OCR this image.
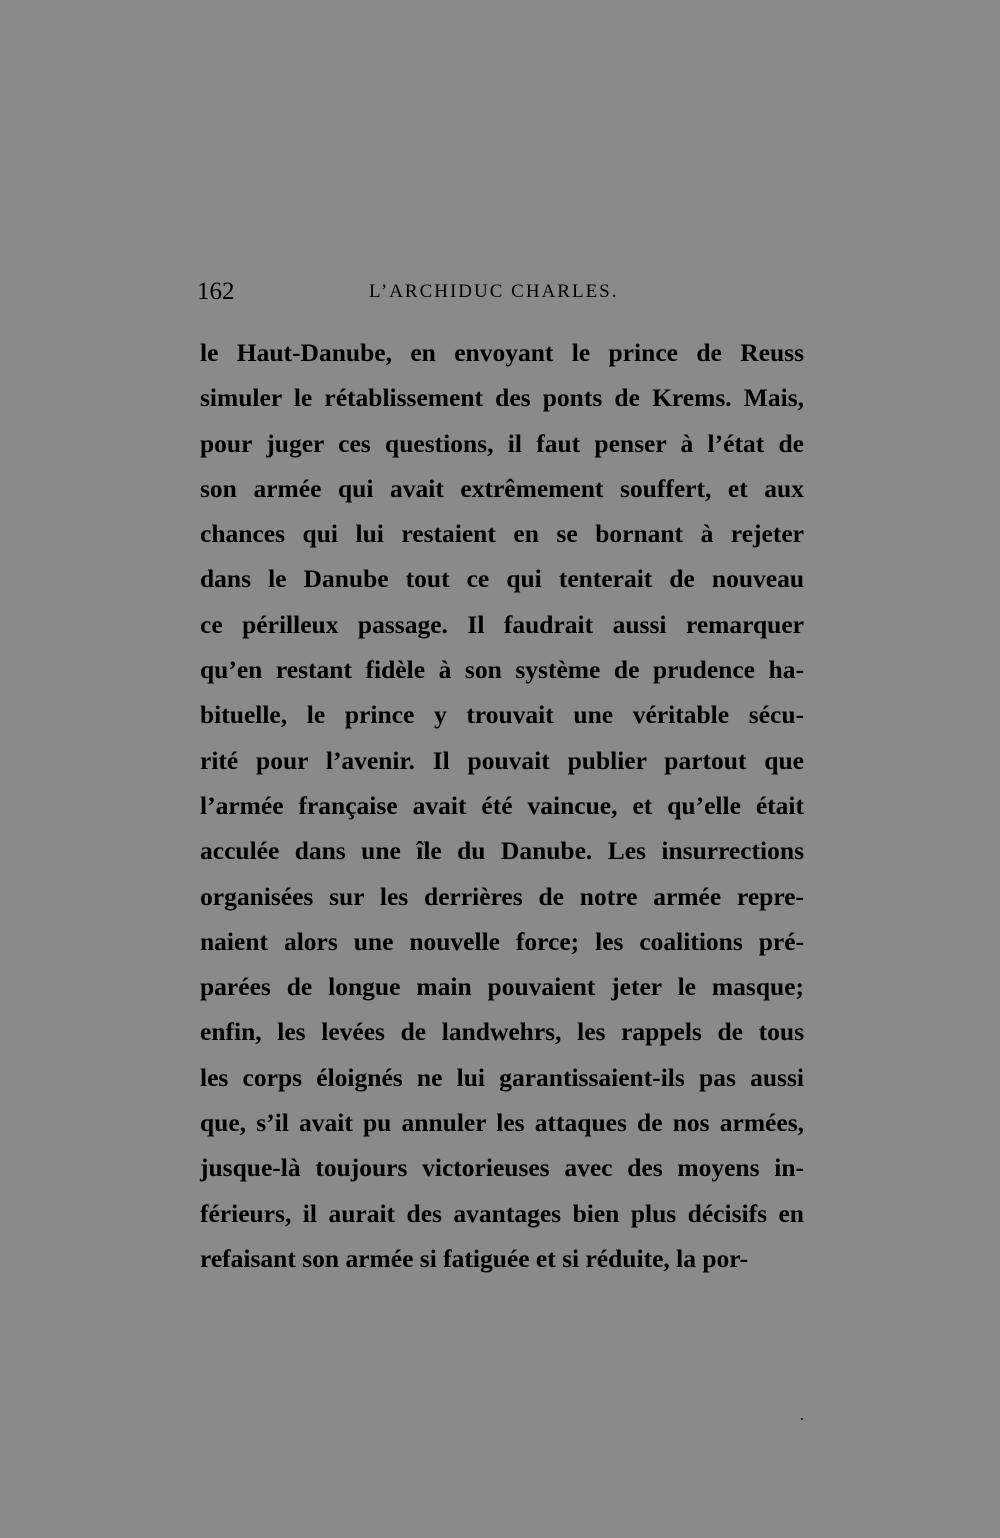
162	L’ARCHIDUC CHARLES.
le Haut-Danube, en envoyant le prince de Reuss
simuler le rétablissement des ponts de Krems. Mais,
pour juger ces questions, il faut penser à l’état de
son armée qui avait extrêmement souffert, et aux
chances qui lui restaient en se bornant à rejeter
dans le Danube tout ce qui tenterait de nouveau
ce périlleux passage. Il faudrait aussi remarquer
qu’en restant fidèle à son système de prudence ha-
bituelle, le prince y trouvait une véritable sécu-
rité pour l’avenir. Il pouvait publier partout que
l’armée française avait été vaincue, et qu’elle était
acculée dans une île du Danube. Les insurrections
organisées sur les derrières de notre armée repre-
naient alors une nouvelle force; les coalitions pré-
parées de longue main pouvaient jeter le masque;
enfin, les levées de landwehrs, les rappels de tous
les corps éloignés ne lui garantissaient-ils pas aussi
que, s’il avait pu annuler les attaques de nos armées,
jusque-là toujours victorieuses avec des moyens in-
férieurs, il aurait des avantages bien plus décisifs en
refaisant son armée si fatiguée et si réduite, la por-
